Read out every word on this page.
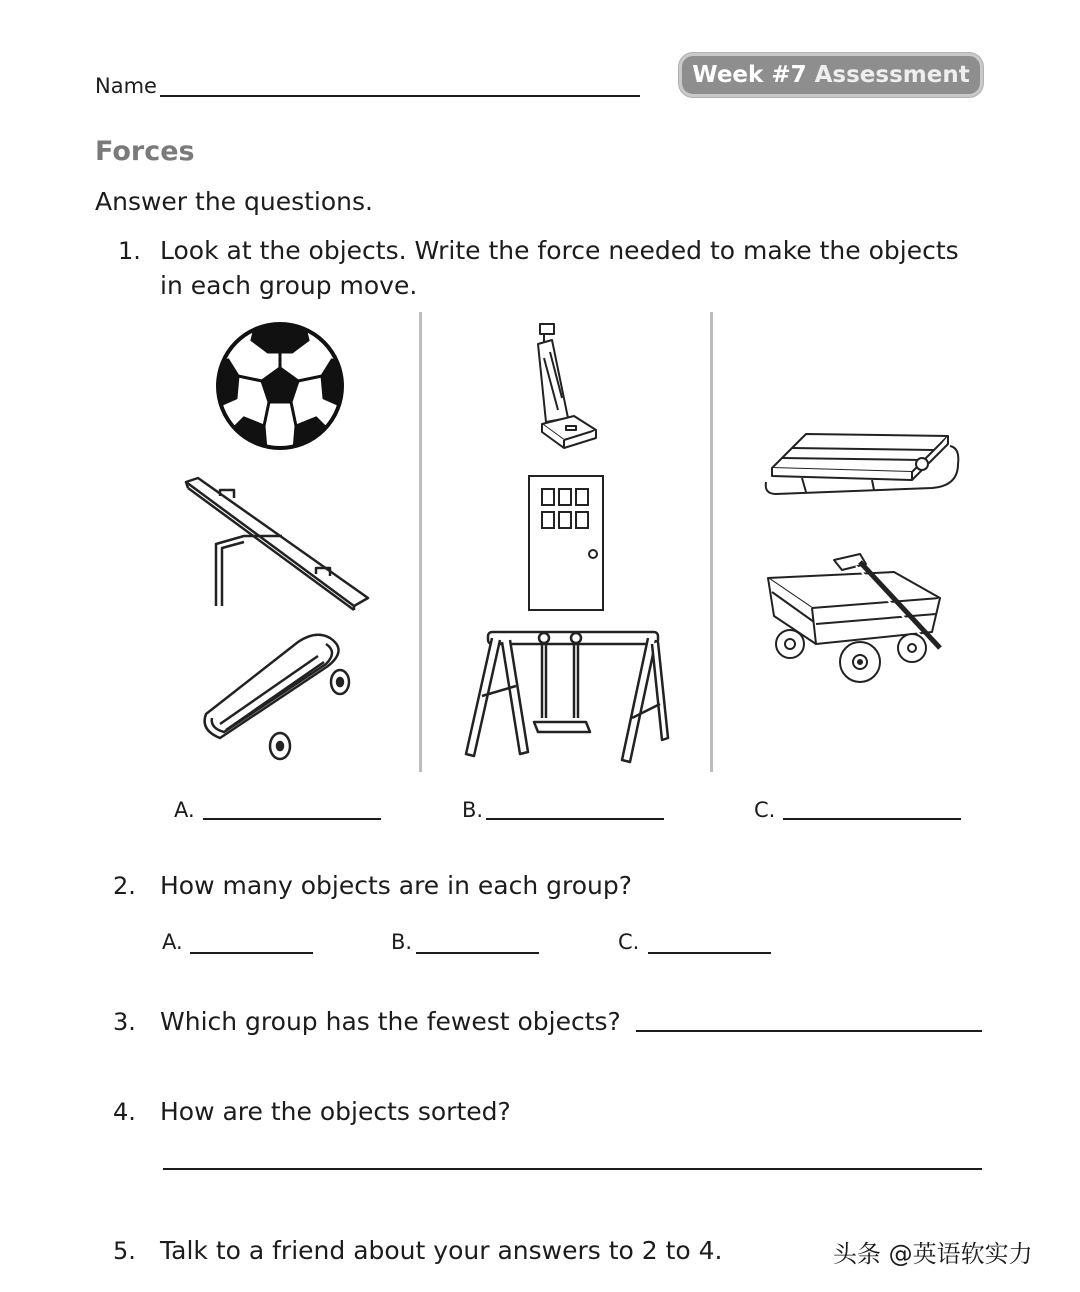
Name	Week #7 Assessment
Forces
Answer the questions.
1. Look at the objects. Write the force needed to make the objects
in each group move.
A.	B.	C.
2. How many objects are in each group?
A.	B.	C.
3. Which group has the fewest objects?
4. How are the objects sorted?
5. Talk to a friend about your answers to 2 to 4.	头条 @英语软实力
